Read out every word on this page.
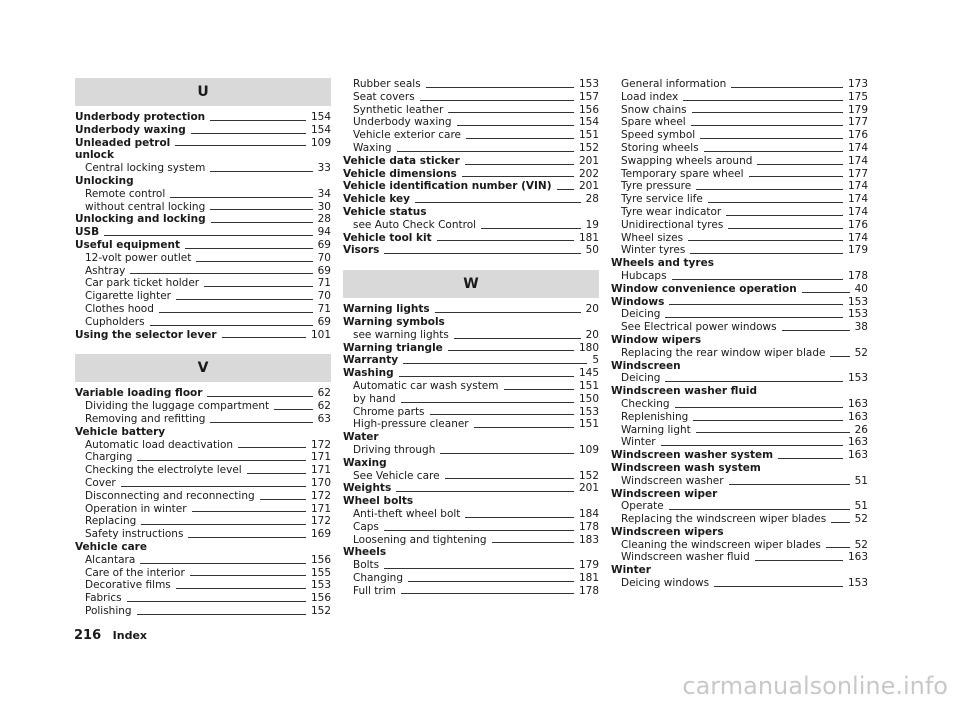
U
Underbody protection	154
Underbody waxing	154
Unleaded petrol	109
unlock
Central locking system	33
Unlocking
Remote control	34
without central locking	30
Unlocking and locking	28
USB	94
Useful equipment	69
12-volt power outlet	70
Ashtray	69
Car park ticket holder	71
Cigarette lighter	70
Clothes hood	71
Cupholders	69
Using the selector lever	101
V
Variable loading floor	62
Dividing the luggage compartment	62
Removing and refitting	63
Vehicle battery
Automatic load deactivation	172
Charging	171
Checking the electrolyte level	171
Cover	170
Disconnecting and reconnecting	172
Operation in winter	171
Replacing	172
Safety instructions	169
Vehicle care
Alcantara	156
Care of the interior	155
Decorative films	153
Fabrics	156
Polishing	152
Rubber seals	153
Seat covers	157
Synthetic leather	156
Underbody waxing	154
Vehicle exterior care	151
Waxing	152
Vehicle data sticker	201
Vehicle dimensions	202
Vehicle identification number (VIN)	201
Vehicle key	28
Vehicle status
see Auto Check Control	19
Vehicle tool kit	181
Visors	50
W
Warning lights	20
Warning symbols
see warning lights	20
Warning triangle	180
Warranty	5
Washing	145
Automatic car wash system	151
by hand	150
Chrome parts	153
High-pressure cleaner	151
Water
Driving through	109
Waxing
See Vehicle care	152
Weights	201
Wheel bolts
Anti-theft wheel bolt	184
Caps	178
Loosening and tightening	183
Wheels
Bolts	179
Changing	181
Full trim	178
General information	173
Load index	175
Snow chains	179
Spare wheel	177
Speed symbol	176
Storing wheels	174
Swapping wheels around	174
Temporary spare wheel	177
Tyre pressure	174
Tyre service life	174
Tyre wear indicator	174
Unidirectional tyres	176
Wheel sizes	174
Winter tyres	179
Wheels and tyres
Hubcaps	178
Window convenience operation	40
Windows	153
Deicing	153
See Electrical power windows	38
Window wipers
Replacing the rear window wiper blade	52
Windscreen
Deicing	153
Windscreen washer fluid
Checking	163
Replenishing	163
Warning light	26
Winter	163
Windscreen washer system	163
Windscreen wash system
Windscreen washer	51
Windscreen wiper
Operate	51
Replacing the windscreen wiper blades	52
Windscreen wipers
Cleaning the windscreen wiper blades	52
Windscreen washer fluid	163
Winter
Deicing windows	153
216 Index
carmanualsonline.info
